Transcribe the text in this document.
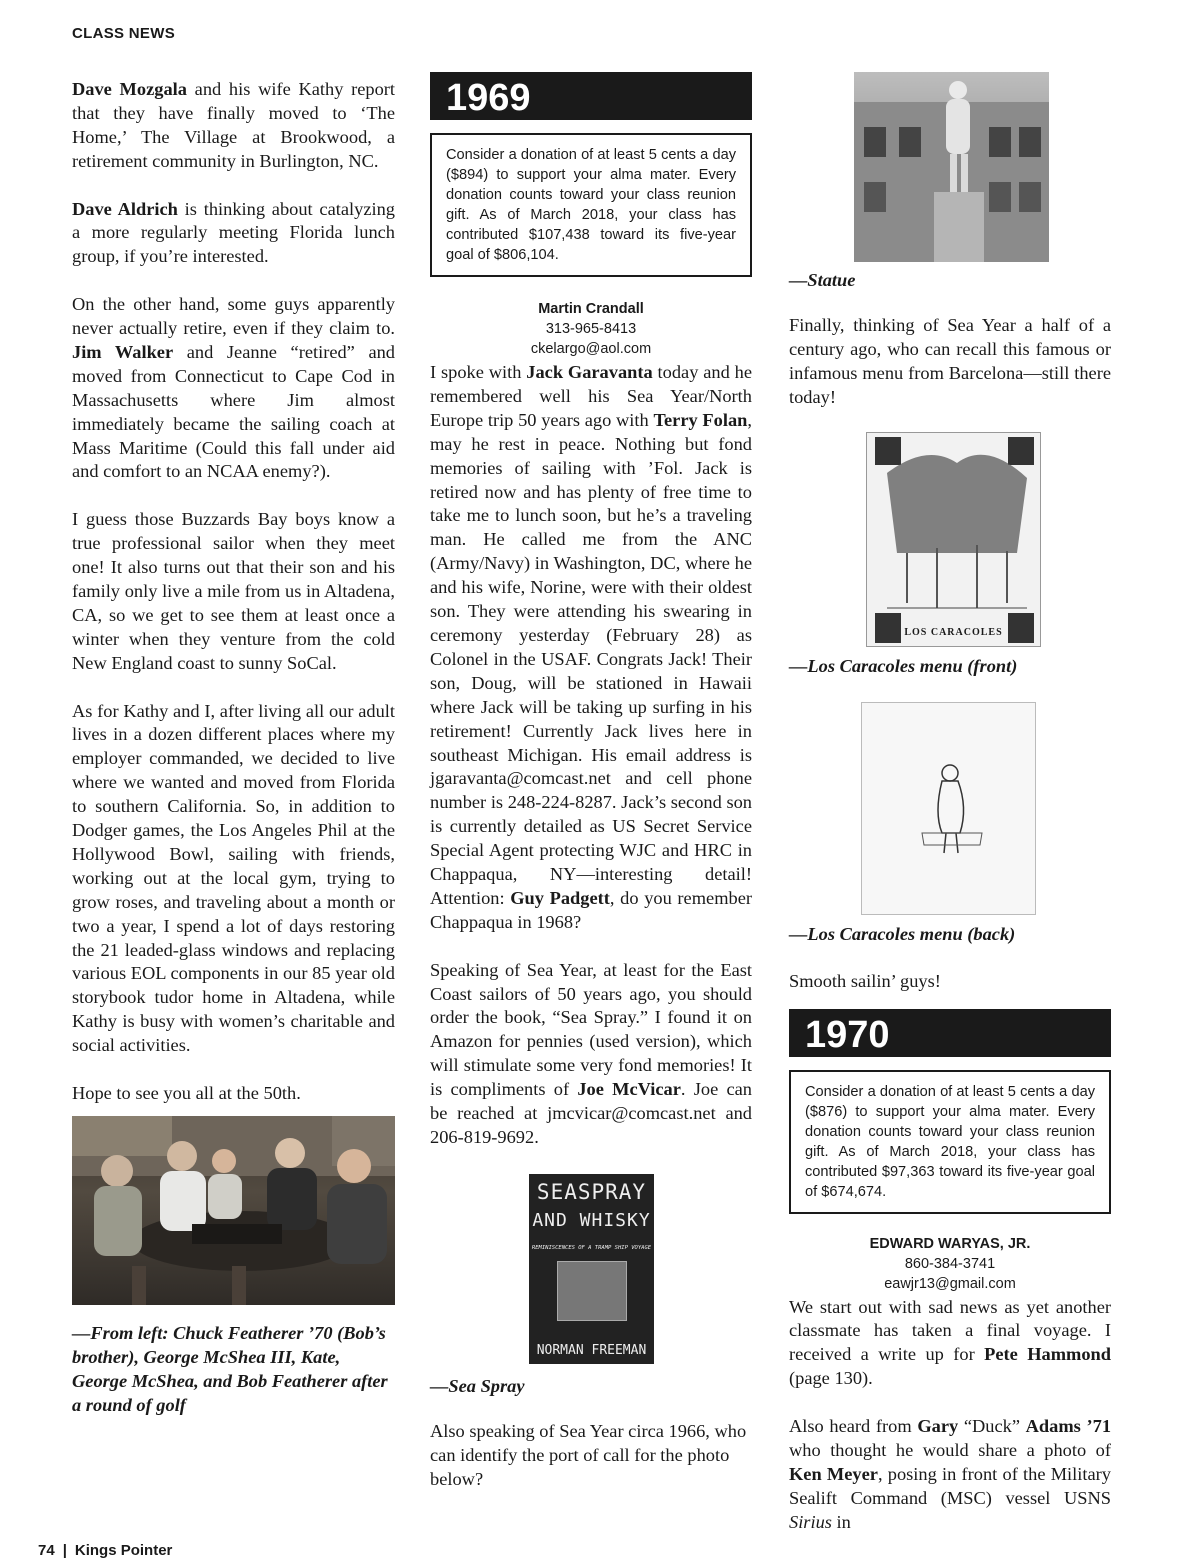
CLASS NEWS

Dave Mozgala and his wife Kathy report that they have finally moved to ‘The Home,’ The Village at Brookwood, a retirement community in Burlington, NC.

Dave Aldrich is thinking about catalyzing a more regularly meeting Florida lunch group, if you’re interested.

On the other hand, some guys apparently never actually retire, even if they claim to. Jim Walker and Jeanne “retired” and moved from Connecticut to Cape Cod in Massachusetts where Jim almost immediately became the sailing coach at Mass Maritime (Could this fall under aid and comfort to an NCAA enemy?).

I guess those Buzzards Bay boys know a true professional sailor when they meet one! It also turns out that their son and his family only live a mile from us in Altadena, CA, so we get to see them at least once a winter when they venture from the cold New England coast to sunny SoCal.

As for Kathy and I, after living all our adult lives in a dozen different places where my employer commanded, we decided to live where we wanted and moved from Florida to southern California. So, in addition to Dodger games, the Los Angeles Phil at the Hollywood Bowl, sailing with friends, working out at the local gym, trying to grow roses, and traveling about a month or two a year, I spend a lot of days restoring the 21 leaded-glass windows and replacing various EOL components in our 85 year old storybook tudor home in Altadena, while Kathy is busy with women’s charitable and social activities.

Hope to see you all at the 50th.

—From left: Chuck Featherer ’70 (Bob’s brother), George McShea III, Kate, George McShea, and Bob Featherer after a round of golf
1969
Consider a donation of at least 5 cents a day ($894) to support your alma mater. Every donation counts toward your class reunion gift. As of March 2018, your class has contributed $107,438 toward its five-year goal of $806,104.
Martin Crandall
313-965-8413
ckelargo@aol.com

I spoke with Jack Garavanta today and he remembered well his Sea Year/North Europe trip 50 years ago with Terry Folan, may he rest in peace. Nothing but fond memories of sailing with ’Fol. Jack is retired now and has plenty of free time to take me to lunch soon, but he’s a traveling man. He called me from the ANC (Army/Navy) in Washington, DC, where he and his wife, Norine, were with their oldest son. They were attending his swearing in ceremony yesterday (February 28) as Colonel in the USAF. Congrats Jack! Their son, Doug, will be stationed in Hawaii where Jack will be taking up surfing in his retirement! Currently Jack lives here in southeast Michigan. His email address is jgaravanta@comcast.net and cell phone number is 248-224-8287. Jack’s second son is currently detailed as US Secret Service Special Agent protecting WJC and HRC in Chappaqua, NY—interesting detail! Attention: Guy Padgett, do you remember Chappaqua in 1968?

Speaking of Sea Year, at least for the East Coast sailors of 50 years ago, you should order the book, “Sea Spray.” I found it on Amazon for pennies (used version), which will stimulate some very fond memories! It is compliments of Joe McVicar. Joe can be reached at jmcvicar@comcast.net and 206-819-9692.

SEASPRAY
AND WHISKY
REMINISCENCES OF A TRAMP SHIP VOYAGE
NORMAN FREEMAN
—Sea Spray

Also speaking of Sea Year circa 1966, who can identify the port of call for the photo below?

—Statue

Finally, thinking of Sea Year a half of a century ago, who can recall this famous or infamous menu from Barcelona—still there today!

LOS CARACOLES
—Los Caracoles menu (front)
—Los Caracoles menu (back)

Smooth sailin’ guys!

1970
Consider a donation of at least 5 cents a day ($876) to support your alma mater. Every donation counts toward your class reunion gift. As of March 2018, your class has contributed $97,363 toward its five-year goal of $674,674.
EDWARD WARYAS, JR.
860-384-3741
eawjr13@gmail.com

We start out with sad news as yet another classmate has taken a final voyage. I received a write up for Pete Hammond (page 130).

Also heard from Gary “Duck” Adams ’71 who thought he would share a photo of Ken Meyer, posing in front of the Military Sealift Command (MSC) vessel USNS Sirius in

74 | Kings Pointer
